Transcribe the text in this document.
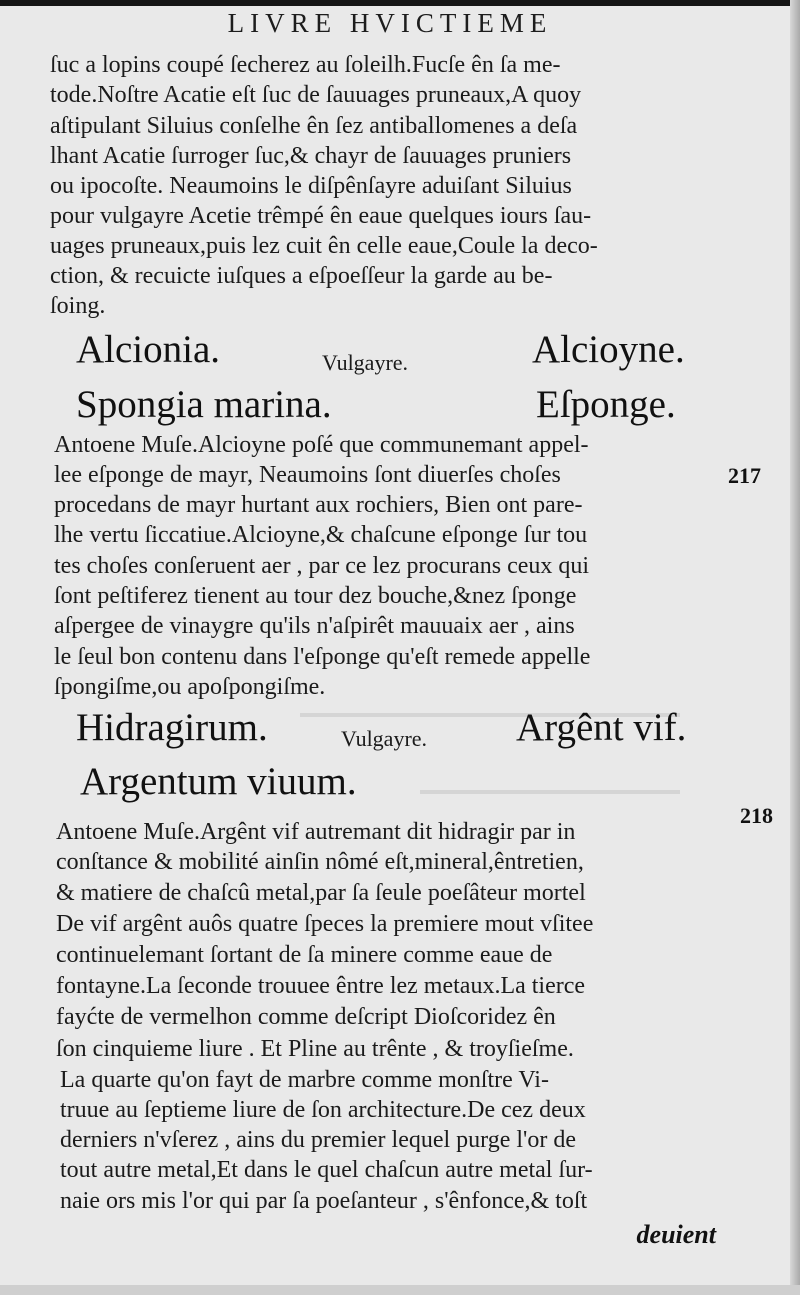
LIVRE HVICTIEME
ſuc a lopins coupé ſecherez au ſoleilh.Fucſe ên ſa me-
tode.Noſtre Acatie eſt ſuc de ſauuages pruneaux,A quoy
aſtipulant Siluius conſelhe ên ſez antiballomenes a deſa
lhant Acatie ſurroger ſuc,& chayr de ſauuages pruniers
ou ipocoſte. Neaumoins le diſpênſayre aduiſant Siluius
pour vulgayre Acetie trêmpé ên eaue quelques iours ſau-
uages pruneaux,puis lez cuit ên celle eaue,Coule la deco-
ction, & recuicte iuſques a eſpoeſſeur la garde au be-
ſoing.
Alcionia.	Vulgayre.	Alcioyne.
Spongia marina.	Eſponge.
Antoene Muſe.Alcioyne poſé que communemant appel-
lee eſponge de mayr, Neaumoins ſont diuerſes choſes
procedans de mayr hurtant aux rochiers, Bien ont pare-
lhe vertu ſiccatiue.Alcioyne,& chaſcune eſponge ſur tou
tes choſes conſeruent aer , par ce lez procurans ceux qui
ſont peſtiferez tienent au tour dez bouche,&nez ſponge
aſpergee de vinaygre qu'ils n'aſpirêt mauuaix aer , ains
le ſeul bon contenu dans l'eſponge qu'eſt remede appelle
ſpongiſme,ou apoſpongiſme.
217
Hidragirum.	Vulgayre. Argênt vif.
Argentum viuum.
218
Antoene Muſe.Argênt vif autremant dit hidragir par in
conſtance & mobilité ainſin nômé eſt,mineral,êntretien,
& matiere de chaſcû metal,par ſa ſeule poeſâteur mortel
De vif argênt auôs quatre ſpeces la premiere mout vſitee
continuelemant ſortant de ſa minere comme eaue de
fontayne.La ſeconde trouuee êntre lez metaux.La tierce
fayćte de vermelhon comme deſcript Dioſcoridez ên
ſon cinquieme liure . Et Pline au trênte , & troyſieſme.
La quarte qu'on fayt de marbre comme monſtre Vi-
truue au ſeptieme liure de ſon architecture.De cez deux
derniers n'vſerez , ains du premier lequel purge l'or de
tout autre metal,Et dans le quel chaſcun autre metal ſur-
naie ors mis l'or qui par ſa poeſanteur , s'ênfonce,& toſt
deuient
